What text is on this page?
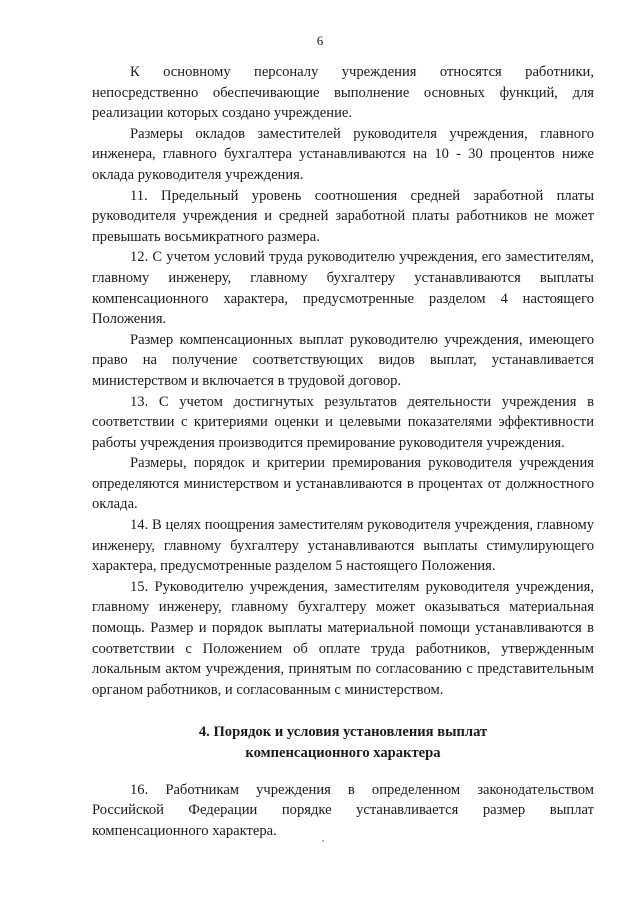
6

К основному персоналу учреждения относятся работники, непосредственно обеспечивающие выполнение основных функций, для реализации которых создано учреждение.

Размеры окладов заместителей руководителя учреждения, главного инженера, главного бухгалтера устанавливаются на 10 - 30 процентов ниже оклада руководителя учреждения.

11. Предельный уровень соотношения средней заработной платы руководителя учреждения и средней заработной платы работников не может превышать восьмикратного размера.

12. С учетом условий труда руководителю учреждения, его заместителям, главному инженеру, главному бухгалтеру устанавливаются выплаты компенсационного характера, предусмотренные разделом 4 настоящего Положения.

Размер компенсационных выплат руководителю учреждения, имеющего право на получение соответствующих видов выплат, устанавливается министерством и включается в трудовой договор.

13. С учетом достигнутых результатов деятельности учреждения в соответствии с критериями оценки и целевыми показателями эффективности работы учреждения производится премирование руководителя учреждения.

Размеры, порядок и критерии премирования руководителя учреждения определяются министерством и устанавливаются в процентах от должностного оклада.

14. В целях поощрения заместителям руководителя учреждения, главному инженеру, главному бухгалтеру устанавливаются выплаты стимулирующего характера, предусмотренные разделом 5 настоящего Положения.

15. Руководителю учреждения, заместителям руководителя учреждения, главному инженеру, главному бухгалтеру может оказываться материальная помощь. Размер и порядок выплаты материальной помощи устанавливаются в соответствии с Положением об оплате труда работников, утвержденным локальным актом учреждения, принятым по согласованию с представительным органом работников, и согласованным с министерством.

4. Порядок и условия установления выплат
компенсационного характера

16. Работникам учреждения в определенном законодательством Российской Федерации порядке устанавливается размер выплат компенсационного характера.
